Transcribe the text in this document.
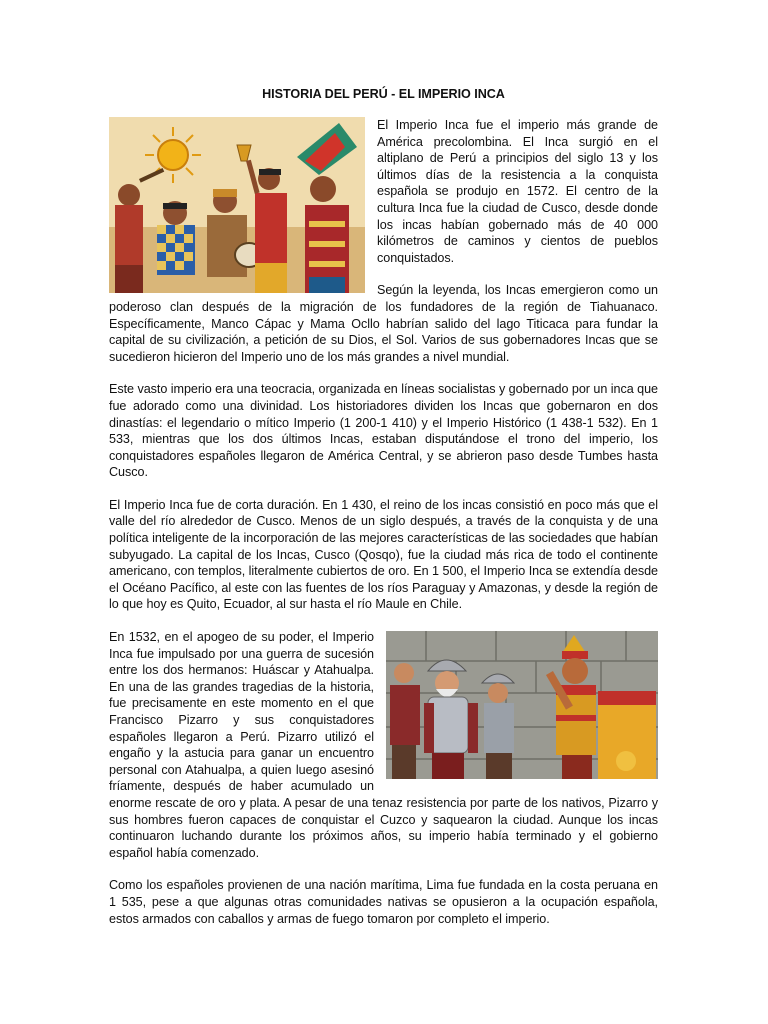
HISTORIA DEL PERÚ - EL IMPERIO INCA

El Imperio Inca fue el imperio más grande de América precolombina. El Inca surgió en el altiplano de Perú a principios del siglo 13 y los últimos días de la resistencia a la conquista española se produjo en 1572. El centro de la cultura Inca fue la ciudad de Cusco, desde donde los incas habían gobernado más de 40 000 kilómetros de caminos y cientos de pueblos conquistados.

Según la leyenda, los Incas emergieron como un poderoso clan después de la migración de los fundadores de la región de Tiahuanaco. Específicamente, Manco Cápac y Mama Ocllo habrían salido del lago Titicaca para fundar la capital de su civilización, a petición de su Dios, el Sol. Varios de sus gobernadores Incas que se sucedieron hicieron del Imperio uno de los más grandes a nivel mundial.

Este vasto imperio era una teocracia, organizada en líneas socialistas y gobernado por un inca que fue adorado como una divinidad. Los historiadores dividen los Incas que gobernaron en dos dinastías: el legendario o mítico Imperio (1 200-1 410) y el Imperio Histórico (1 438-1 532). En 1 533, mientras que los dos últimos Incas, estaban disputándose el trono del imperio, los conquistadores españoles llegaron de América Central, y se abrieron paso desde Tumbes hasta Cusco.

El Imperio Inca fue de corta duración. En 1 430, el reino de los incas consistió en poco más que el valle del río alrededor de Cusco. Menos de un siglo después, a través de la conquista y de una política inteligente de la incorporación de las mejores características de las sociedades que habían subyugado. La capital de los Incas, Cusco (Qosqo), fue la ciudad más rica de todo el continente americano, con templos, literalmente cubiertos de oro. En 1 500, el Imperio Inca se extendía desde el Océano Pacífico, al este con las fuentes de los ríos Paraguay y Amazonas, y desde la región de lo que hoy es Quito, Ecuador, al sur hasta el río Maule en Chile.

En 1532, en el apogeo de su poder, el Imperio Inca fue impulsado por una guerra de sucesión entre los dos hermanos: Huáscar y Atahualpa. En una de las grandes tragedias de la historia, fue precisamente en este momento en el que Francisco Pizarro y sus conquistadores españoles llegaron a Perú. Pizarro utilizó el engaño y la astucia para ganar un encuentro personal con Atahualpa, a quien luego asesinó fríamente, después de haber acumulado un enorme rescate de oro y plata. A pesar de una tenaz resistencia por parte de los nativos, Pizarro y sus hombres fueron capaces de conquistar el Cuzco y saquearon la ciudad. Aunque los incas continuaron luchando durante los próximos años, su imperio había terminado y el gobierno español había comenzado.

Como los españoles provienen de una nación marítima, Lima fue fundada en la costa peruana en 1 535, pese a que algunas otras comunidades nativas se opusieron a la ocupación española, estos armados con caballos y armas de fuego tomaron por completo el imperio.
